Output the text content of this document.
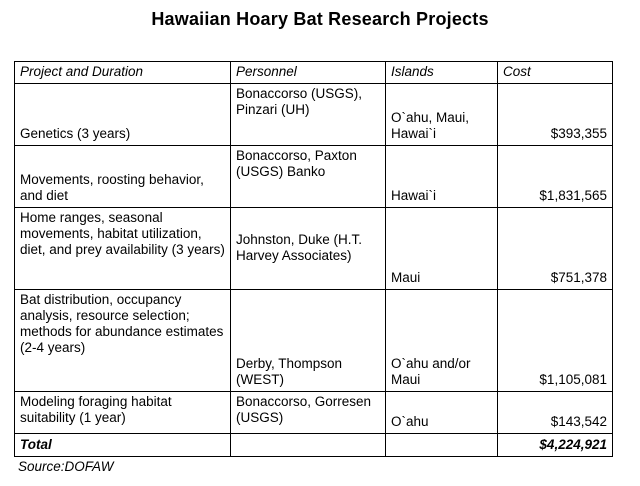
Hawaiian Hoary Bat Research Projects
Project and Duration	Personnel	Islands	Cost
Genetics (3 years)	Bonaccorso (USGS), Pinzari (UH)	O`ahu, Maui, Hawai`i	$393,355
Movements, roosting behavior, and diet	Bonaccorso, Paxton (USGS) Banko	Hawai`i	$1,831,565
Home ranges, seasonal movements, habitat utilization, diet, and prey availability (3 years)	Johnston, Duke (H.T. Harvey Associates)	Maui	$751,378
Bat distribution, occupancy analysis, resource selection; methods for abundance estimates (2-4 years)	Derby, Thompson (WEST)	O`ahu and/or Maui	$1,105,081
Modeling foraging habitat suitability (1 year)	Bonaccorso, Gorresen (USGS)	O`ahu	$143,542
Total			$4,224,921
Source:DOFAW
